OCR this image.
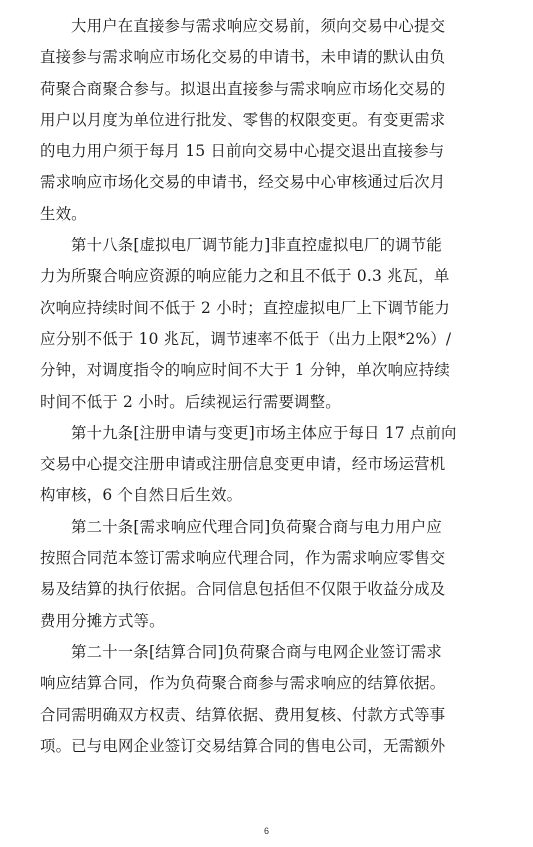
大用户在直接参与需求响应交易前，须向交易中心提交
直接参与需求响应市场化交易的申请书，未申请的默认由负
荷聚合商聚合参与。拟退出直接参与需求响应市场化交易的
用户以月度为单位进行批发、零售的权限变更。有变更需求
的电力用户须于每月 15 日前向交易中心提交退出直接参与
需求响应市场化交易的申请书，经交易中心审核通过后次月
生效。

第十八条[虚拟电厂调节能力]非直控虚拟电厂的调节能
力为所聚合响应资源的响应能力之和且不低于 0.3 兆瓦，单
次响应持续时间不低于 2 小时；直控虚拟电厂上下调节能力
应分别不低于 10 兆瓦，调节速率不低于（出力上限*2%）/
分钟，对调度指令的响应时间不大于 1 分钟，单次响应持续
时间不低于 2 小时。后续视运行需要调整。

第十九条[注册申请与变更]市场主体应于每日 17 点前向
交易中心提交注册申请或注册信息变更申请，经市场运营机
构审核，6 个自然日后生效。

第二十条[需求响应代理合同]负荷聚合商与电力用户应
按照合同范本签订需求响应代理合同，作为需求响应零售交
易及结算的执行依据。合同信息包括但不仅限于收益分成及
费用分摊方式等。

第二十一条[结算合同]负荷聚合商与电网企业签订需求
响应结算合同，作为负荷聚合商参与需求响应的结算依据。
合同需明确双方权责、结算依据、费用复核、付款方式等事
项。已与电网企业签订交易结算合同的售电公司，无需额外

6
